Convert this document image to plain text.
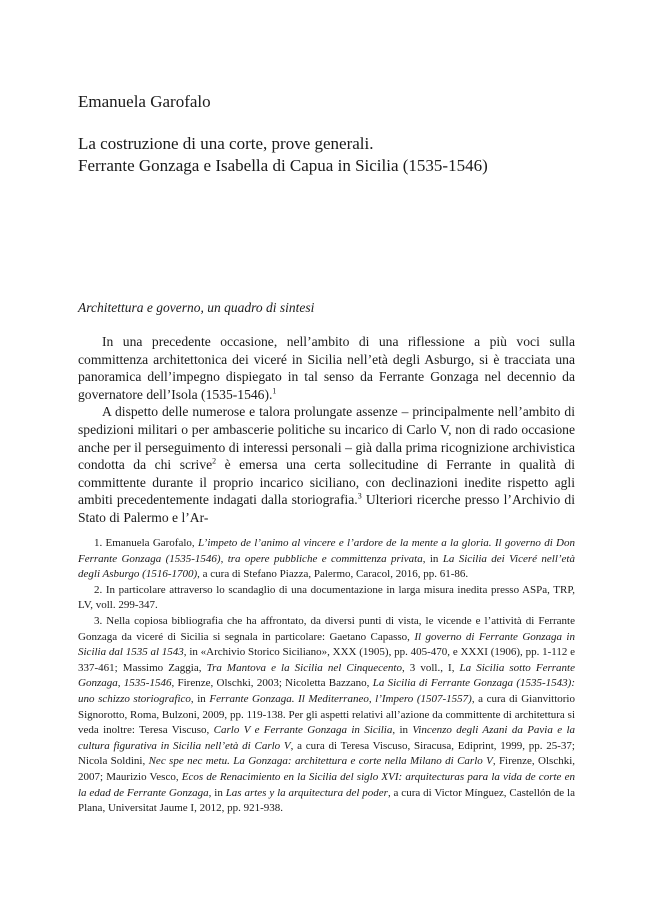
Emanuela Garofalo
La costruzione di una corte, prove generali.
Ferrante Gonzaga e Isabella di Capua in Sicilia (1535-1546)
Architettura e governo, un quadro di sintesi

In una precedente occasione, nell’ambito di una riflessione a più voci sulla committenza architettonica dei viceré in Sicilia nell’età degli Asburgo, si è tracciata una panoramica dell’impegno dispiegato in tal senso da Ferrante Gonzaga nel decennio da governatore dell’Isola (1535-1546).$^1$

A dispetto delle numerose e talora prolungate assenze – principalmente nell’ambito di spedizioni militari o per ambascerie politiche su incarico di Carlo V, non di rado occasione anche per il perseguimento di interessi personali – già dalla prima ricognizione archivistica condotta da chi scrive$^2$ è emersa una certa sollecitudine di Ferrante in qualità di committente durante il proprio incarico siciliano, con declinazioni inedite rispetto agli ambiti precedentemente indagati dalla storiografia.$^3$ Ulteriori ricerche presso l’Archivio di Stato di Palermo e l’Ar-

1. Emanuela Garofalo, L’impeto de l’animo al vincere e l’ardore de la mente a la gloria. Il governo di Don Ferrante Gonzaga (1535-1546), tra opere pubbliche e committenza privata, in La Sicilia dei Viceré nell’età degli Asburgo (1516-1700), a cura di Stefano Piazza, Palermo, Caracol, 2016, pp. 61-86.

2. In particolare attraverso lo scandaglio di una documentazione in larga misura inedita presso ASPa, TRP, LV, voll. 299-347.

3. Nella copiosa bibliografia che ha affrontato, da diversi punti di vista, le vicende e l’attività di Ferrante Gonzaga da viceré di Sicilia si segnala in particolare: Gaetano Capasso, Il governo di Ferrante Gonzaga in Sicilia dal 1535 al 1543, in «Archivio Storico Siciliano», XXX (1905), pp. 405-470, e XXXI (1906), pp. 1-112 e 337-461; Massimo Zaggia, Tra Mantova e la Sicilia nel Cinquecento, 3 voll., I, La Sicilia sotto Ferrante Gonzaga, 1535-1546, Firenze, Olschki, 2003; Nicoletta Bazzano, La Sicilia di Ferrante Gonzaga (1535-1543): uno schizzo storiografico, in Ferrante Gonzaga. Il Mediterraneo, l’Impero (1507-1557), a cura di Gianvittorio Signorotto, Roma, Bulzoni, 2009, pp. 119-138. Per gli aspetti relativi all’azione da committente di architettura si veda inoltre: Teresa Viscuso, Carlo V e Ferrante Gonzaga in Sicilia, in Vincenzo degli Azani da Pavia e la cultura figurativa in Sicilia nell’età di Carlo V, a cura di Teresa Viscuso, Siracusa, Ediprint, 1999, pp. 25-37; Nicola Soldini, Nec spe nec metu. La Gonzaga: architettura e corte nella Milano di Carlo V, Firenze, Olschki, 2007; Maurizio Vesco, Ecos de Renacimiento en la Sicilia del siglo XVI: arquitecturas para la vida de corte en la edad de Ferrante Gonzaga, in Las artes y la arquitectura del poder, a cura di Victor Mínguez, Castellón de la Plana, Universitat Jaume I, 2012, pp. 921-938.
